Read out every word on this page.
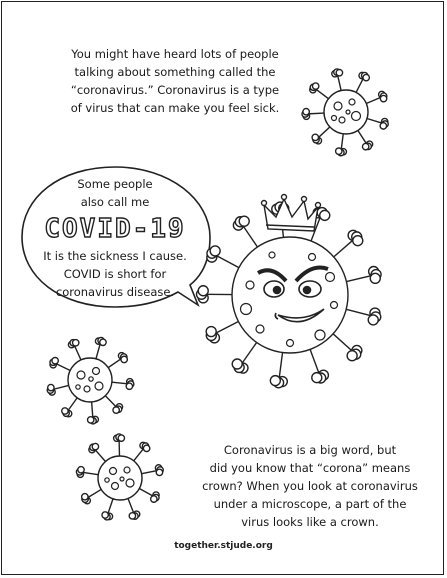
You might have heard lots of people
talking about something called the
“coronavirus.” Coronavirus is a type
of virus that can make you feel sick.

Some people
also call me
COVID-19
It is the sickness I cause.
COVID is short for
coronavirus disease.

Coronavirus is a big word, but
did you know that “corona” means
crown? When you look at coronavirus
under a microscope, a part of the
virus looks like a crown.

together.stjude.org
